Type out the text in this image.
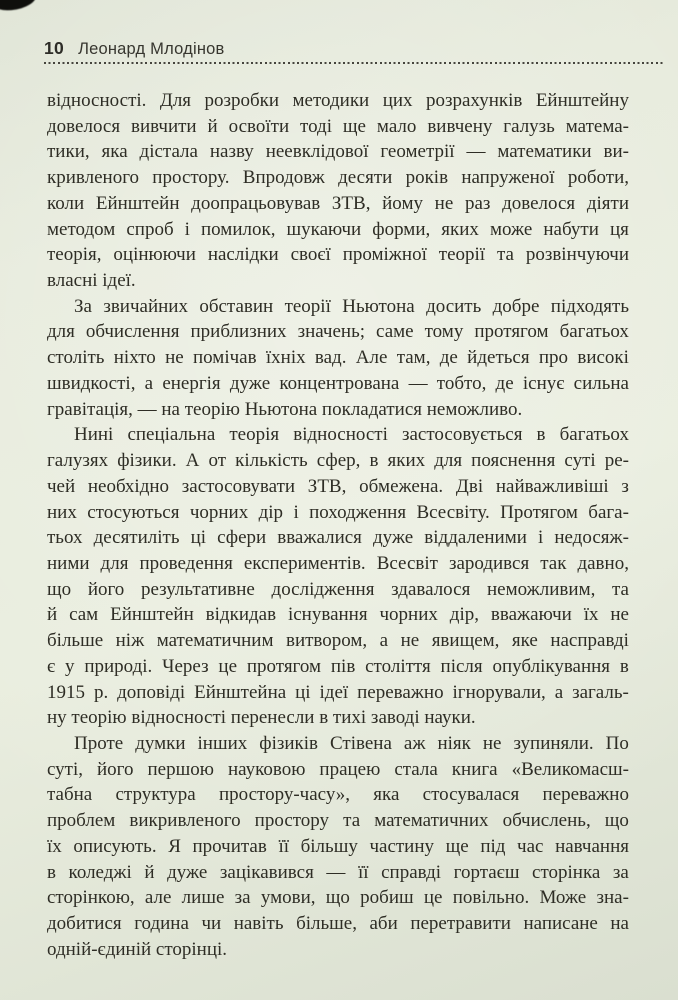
10 Леонард Млодінов
відносності. Для розробки методики цих розрахунків Ейнштейну
довелося вивчити й освоїти тоді ще мало вивчену галузь матема-
тики, яка дістала назву неевклідової геометрії — математики ви-
кривленого простору. Впродовж десяти років напруженої роботи,
коли Ейнштейн доопрацьовував ЗТВ, йому не раз довелося діяти
методом спроб і помилок, шукаючи форми, яких може набути ця
теорія, оцінюючи наслідки своєї проміжної теорії та розвінчуючи
власні ідеї.
За звичайних обставин теорії Ньютона досить добре підходять
для обчислення приблизних значень; саме тому протягом багатьох
століть ніхто не помічав їхніх вад. Але там, де йдеться про високі
швидкості, а енергія дуже концентрована — тобто, де існує сильна
гравітація, — на теорію Ньютона покладатися неможливо.
Нині спеціальна теорія відносності застосовується в багатьох
галузях фізики. А от кількість сфер, в яких для пояснення суті ре-
чей необхідно застосовувати ЗТВ, обмежена. Дві найважливіші з
них стосуються чорних дір і походження Всесвіту. Протягом бага-
тьох десятиліть ці сфери вважалися дуже віддаленими і недосяж-
ними для проведення експериментів. Всесвіт зародився так давно,
що його результативне дослідження здавалося неможливим, та
й сам Ейнштейн відкидав існування чорних дір, вважаючи їх не
більше ніж математичним витвором, а не явищем, яке насправді
є у природі. Через це протягом пів століття після опублікування в
1915 р. доповіді Ейнштейна ці ідеї переважно ігнорували, а загаль-
ну теорію відносності перенесли в тихі заводі науки.
Проте думки інших фізиків Стівена аж ніяк не зупиняли. По
суті, його першою науковою працею стала книга «Великомасш-
табна структура простору-часу», яка стосувалася переважно
проблем викривленого простору та математичних обчислень, що
їх описують. Я прочитав її більшу частину ще під час навчання
в коледжі й дуже зацікавився — її справді гортаєш сторінка за
сторінкою, але лише за умови, що робиш це повільно. Може зна-
добитися година чи навіть більше, аби перетравити написане на
одній-єдиній сторінці.
